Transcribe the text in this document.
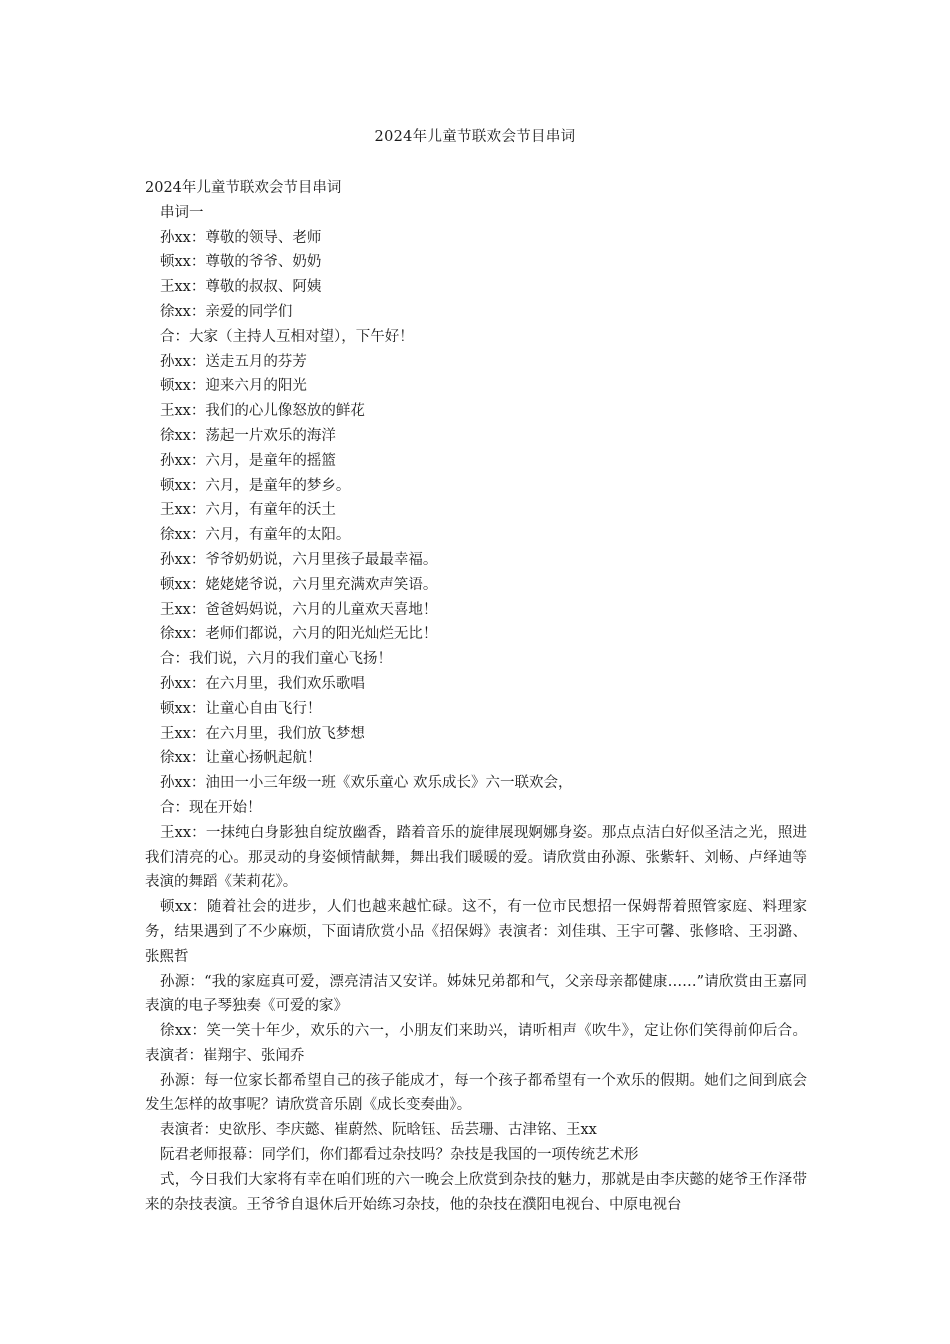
2024年儿童节联欢会节目串词

2024年儿童节联欢会节目串词

串词一

孙xx：尊敬的领导、老师

顿xx：尊敬的爷爷、奶奶

王xx：尊敬的叔叔、阿姨

徐xx：亲爱的同学们

合：大家（主持人互相对望），下午好！

孙xx：送走五月的芬芳

顿xx：迎来六月的阳光

王xx：我们的心儿像怒放的鲜花

徐xx：荡起一片欢乐的海洋

孙xx：六月，是童年的摇篮

顿xx：六月，是童年的梦乡。

王xx：六月，有童年的沃土

徐xx：六月，有童年的太阳。

孙xx：爷爷奶奶说，六月里孩子最最幸福。

顿xx：姥姥姥爷说，六月里充满欢声笑语。

王xx：爸爸妈妈说，六月的儿童欢天喜地！

徐xx：老师们都说，六月的阳光灿烂无比！

合：我们说，六月的我们童心飞扬！

孙xx：在六月里，我们欢乐歌唱

顿xx：让童心自由飞行！

王xx：在六月里，我们放飞梦想

徐xx：让童心扬帆起航！

孙xx：油田一小三年级一班《欢乐童心 欢乐成长》六一联欢会，

合：现在开始！

王xx：一抹纯白身影独自绽放幽香，踏着音乐的旋律展现婀娜身姿。那点点洁白好似圣洁之光，照进我们清亮的心。那灵动的身姿倾情献舞，舞出我们暖暖的爱。请欣赏由孙源、张紫轩、刘畅、卢绎迪等表演的舞蹈《茉莉花》。

顿xx：随着社会的进步，人们也越来越忙碌。这不，有一位市民想招一保姆帮着照管家庭、料理家务，结果遇到了不少麻烦，下面请欣赏小品《招保姆》表演者：刘佳琪、王宇可馨、张修晗、王羽潞、张熙哲

孙源：“我的家庭真可爱，漂亮清洁又安详。姊妹兄弟都和气，父亲母亲都健康……”请欣赏由王嘉同表演的电子琴独奏《可爱的家》

徐xx：笑一笑十年少，欢乐的六一，小朋友们来助兴，请听相声《吹牛》，定让你们笑得前仰后合。表演者：崔翔宇、张闻乔

孙源：每一位家长都希望自己的孩子能成才，每一个孩子都希望有一个欢乐的假期。她们之间到底会发生怎样的故事呢？请欣赏音乐剧《成长变奏曲》。

表演者：史欲彤、李庆懿、崔蔚然、阮晗钰、岳芸珊、古津铭、王xx

阮君老师报幕：同学们，你们都看过杂技吗？杂技是我国的一项传统艺术形

式，今日我们大家将有幸在咱们班的六一晚会上欣赏到杂技的魅力，那就是由李庆懿的姥爷王作泽带来的杂技表演。王爷爷自退休后开始练习杂技，他的杂技在濮阳电视台、中原电视台
